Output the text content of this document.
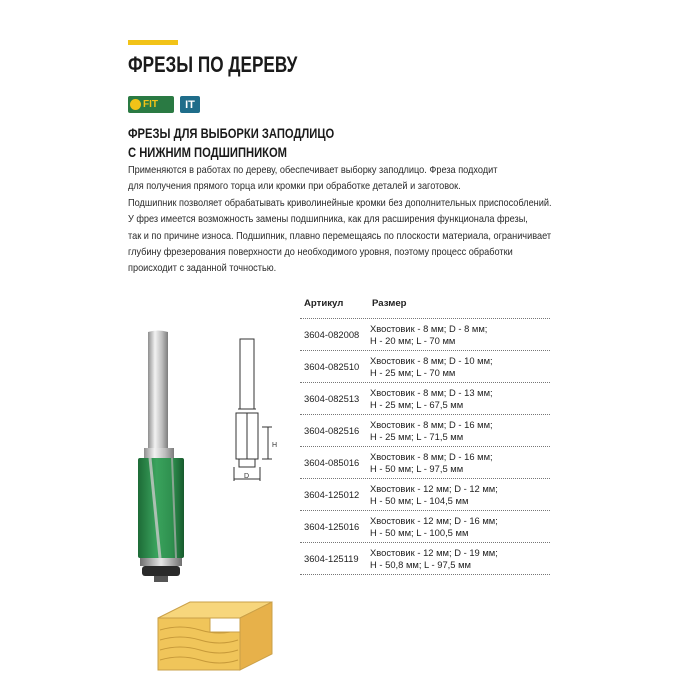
ФРЕЗЫ ПО ДЕРЕВУ
FIT	IT
ФРЕЗЫ ДЛЯ ВЫБОРКИ ЗАПОДЛИЦО
С НИЖНИМ ПОДШИПНИКОМ

Применяются в работах по дереву, обеспечивает выборку заподлицо. Фреза подходит

для получения прямого торца или кромки при обработке деталей и заготовок.

Подшипник позволяет обрабатывать криволинейные кромки без дополнительных приспособлений.

У фрез имеется возможность замены подшипника, как для расширения функционала фрезы,

так и по причине износа. Подшипник, плавно перемещаясь по плоскости материала, ограничивает

глубину фрезерования поверхности до необходимого уровня, поэтому процесс обработки

происходит с заданной точностью.

Артикул	Размер
3604-082008
Хвостовик - 8 мм; D - 8 мм;
H - 20 мм; L - 70 мм
3604-082510
Хвостовик - 8 мм; D - 10 мм;
H - 25 мм; L - 70 мм
3604-082513
Хвостовик - 8 мм; D - 13 мм;
H - 25 мм; L - 67,5 мм
3604-082516
Хвостовик - 8 мм; D - 16 мм;
H - 25 мм; L - 71,5 мм
3604-085016
Хвостовик - 8 мм; D - 16 мм;
H - 50 мм; L - 97,5 мм
3604-125012
Хвостовик - 12 мм; D - 12 мм;
H - 50 мм; L - 104,5 мм
3604-125016
Хвостовик - 12 мм; D - 16 мм;
H - 50 мм; L - 100,5 мм
3604-125119
Хвостовик - 12 мм; D - 19 мм;
H - 50,8 мм; L - 97,5 мм
H
D
